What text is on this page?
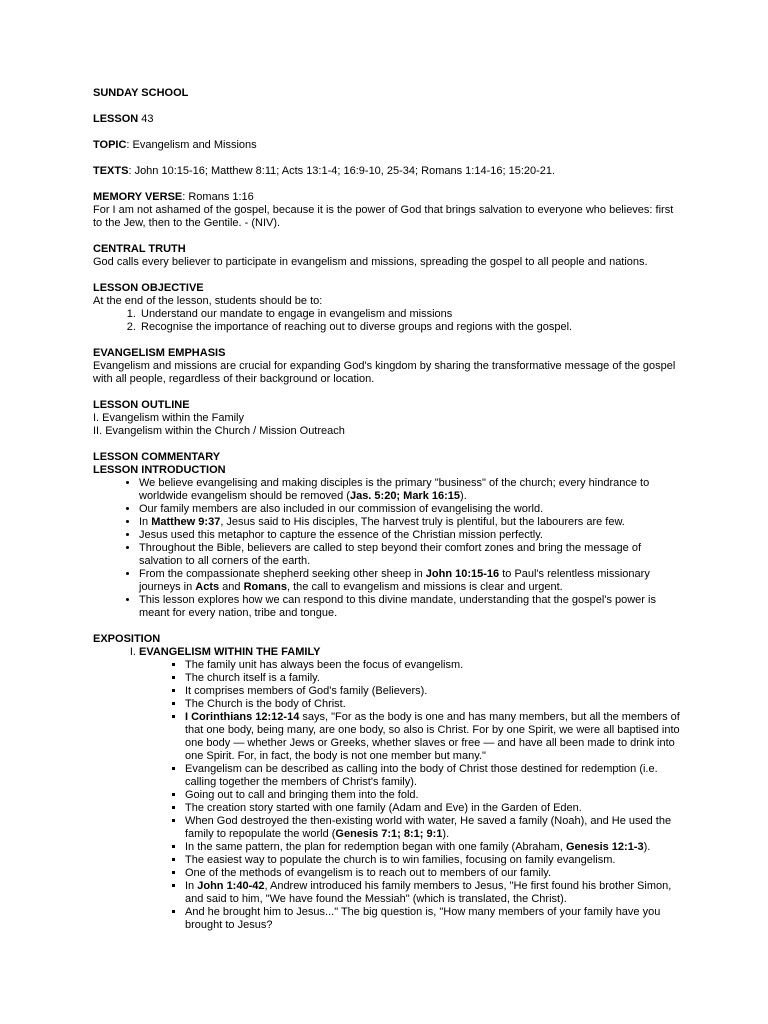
SUNDAY SCHOOL
LESSON 43
TOPIC: Evangelism and Missions
TEXTS: John 10:15-16; Matthew 8:11; Acts 13:1-4; 16:9-10, 25-34; Romans 1:14-16; 15:20-21.
MEMORY VERSE: Romans 1:16
For I am not ashamed of the gospel, because it is the power of God that brings salvation to everyone who believes: first to the Jew, then to the Gentile. - (NIV).
CENTRAL TRUTH
God calls every believer to participate in evangelism and missions, spreading the gospel to all people and nations.
LESSON OBJECTIVE
At the end of the lesson, students should be to:
1. Understand our mandate to engage in evangelism and missions
2. Recognise the importance of reaching out to diverse groups and regions with the gospel.
EVANGELISM EMPHASIS
Evangelism and missions are crucial for expanding God's kingdom by sharing the transformative message of the gospel with all people, regardless of their background or location.
LESSON OUTLINE
I. Evangelism within the Family
II. Evangelism within the Church / Mission Outreach
LESSON COMMENTARY
LESSON INTRODUCTION
• We believe evangelising and making disciples is the primary "business" of the church; every hindrance to worldwide evangelism should be removed (Jas. 5:20; Mark 16:15).
• Our family members are also included in our commission of evangelising the world.
• In Matthew 9:37, Jesus said to His disciples, The harvest truly is plentiful, but the labourers are few.
• Jesus used this metaphor to capture the essence of the Christian mission perfectly.
• Throughout the Bible, believers are called to step beyond their comfort zones and bring the message of salvation to all corners of the earth.
• From the compassionate shepherd seeking other sheep in John 10:15-16 to Paul's relentless missionary journeys in Acts and Romans, the call to evangelism and missions is clear and urgent.
• This lesson explores how we can respond to this divine mandate, understanding that the gospel's power is meant for every nation, tribe and tongue.
EXPOSITION
I. EVANGELISM WITHIN THE FAMILY
▪ The family unit has always been the focus of evangelism.
▪ The church itself is a family.
▪ It comprises members of God's family (Believers).
▪ The Church is the body of Christ.
▪ I Corinthians 12:12-14 says, "For as the body is one and has many members, but all the members of that one body, being many, are one body, so also is Christ. For by one Spirit, we were all baptised into one body — whether Jews or Greeks, whether slaves or free — and have all been made to drink into one Spirit. For, in fact, the body is not one member but many."
▪ Evangelism can be described as calling into the body of Christ those destined for redemption (i.e. calling together the members of Christ's family).
▪ Going out to call and bringing them into the fold.
▪ The creation story started with one family (Adam and Eve) in the Garden of Eden.
▪ When God destroyed the then-existing world with water, He saved a family (Noah), and He used the family to repopulate the world (Genesis 7:1; 8:1; 9:1).
▪ In the same pattern, the plan for redemption began with one family (Abraham, Genesis 12:1-3).
▪ The easiest way to populate the church is to win families, focusing on family evangelism.
▪ One of the methods of evangelism is to reach out to members of our family.
▪ In John 1:40-42, Andrew introduced his family members to Jesus, "He first found his brother Simon, and said to him, "We have found the Messiah" (which is translated, the Christ).
▪ And he brought him to Jesus..." The big question is, "How many members of your family have you brought to Jesus?
